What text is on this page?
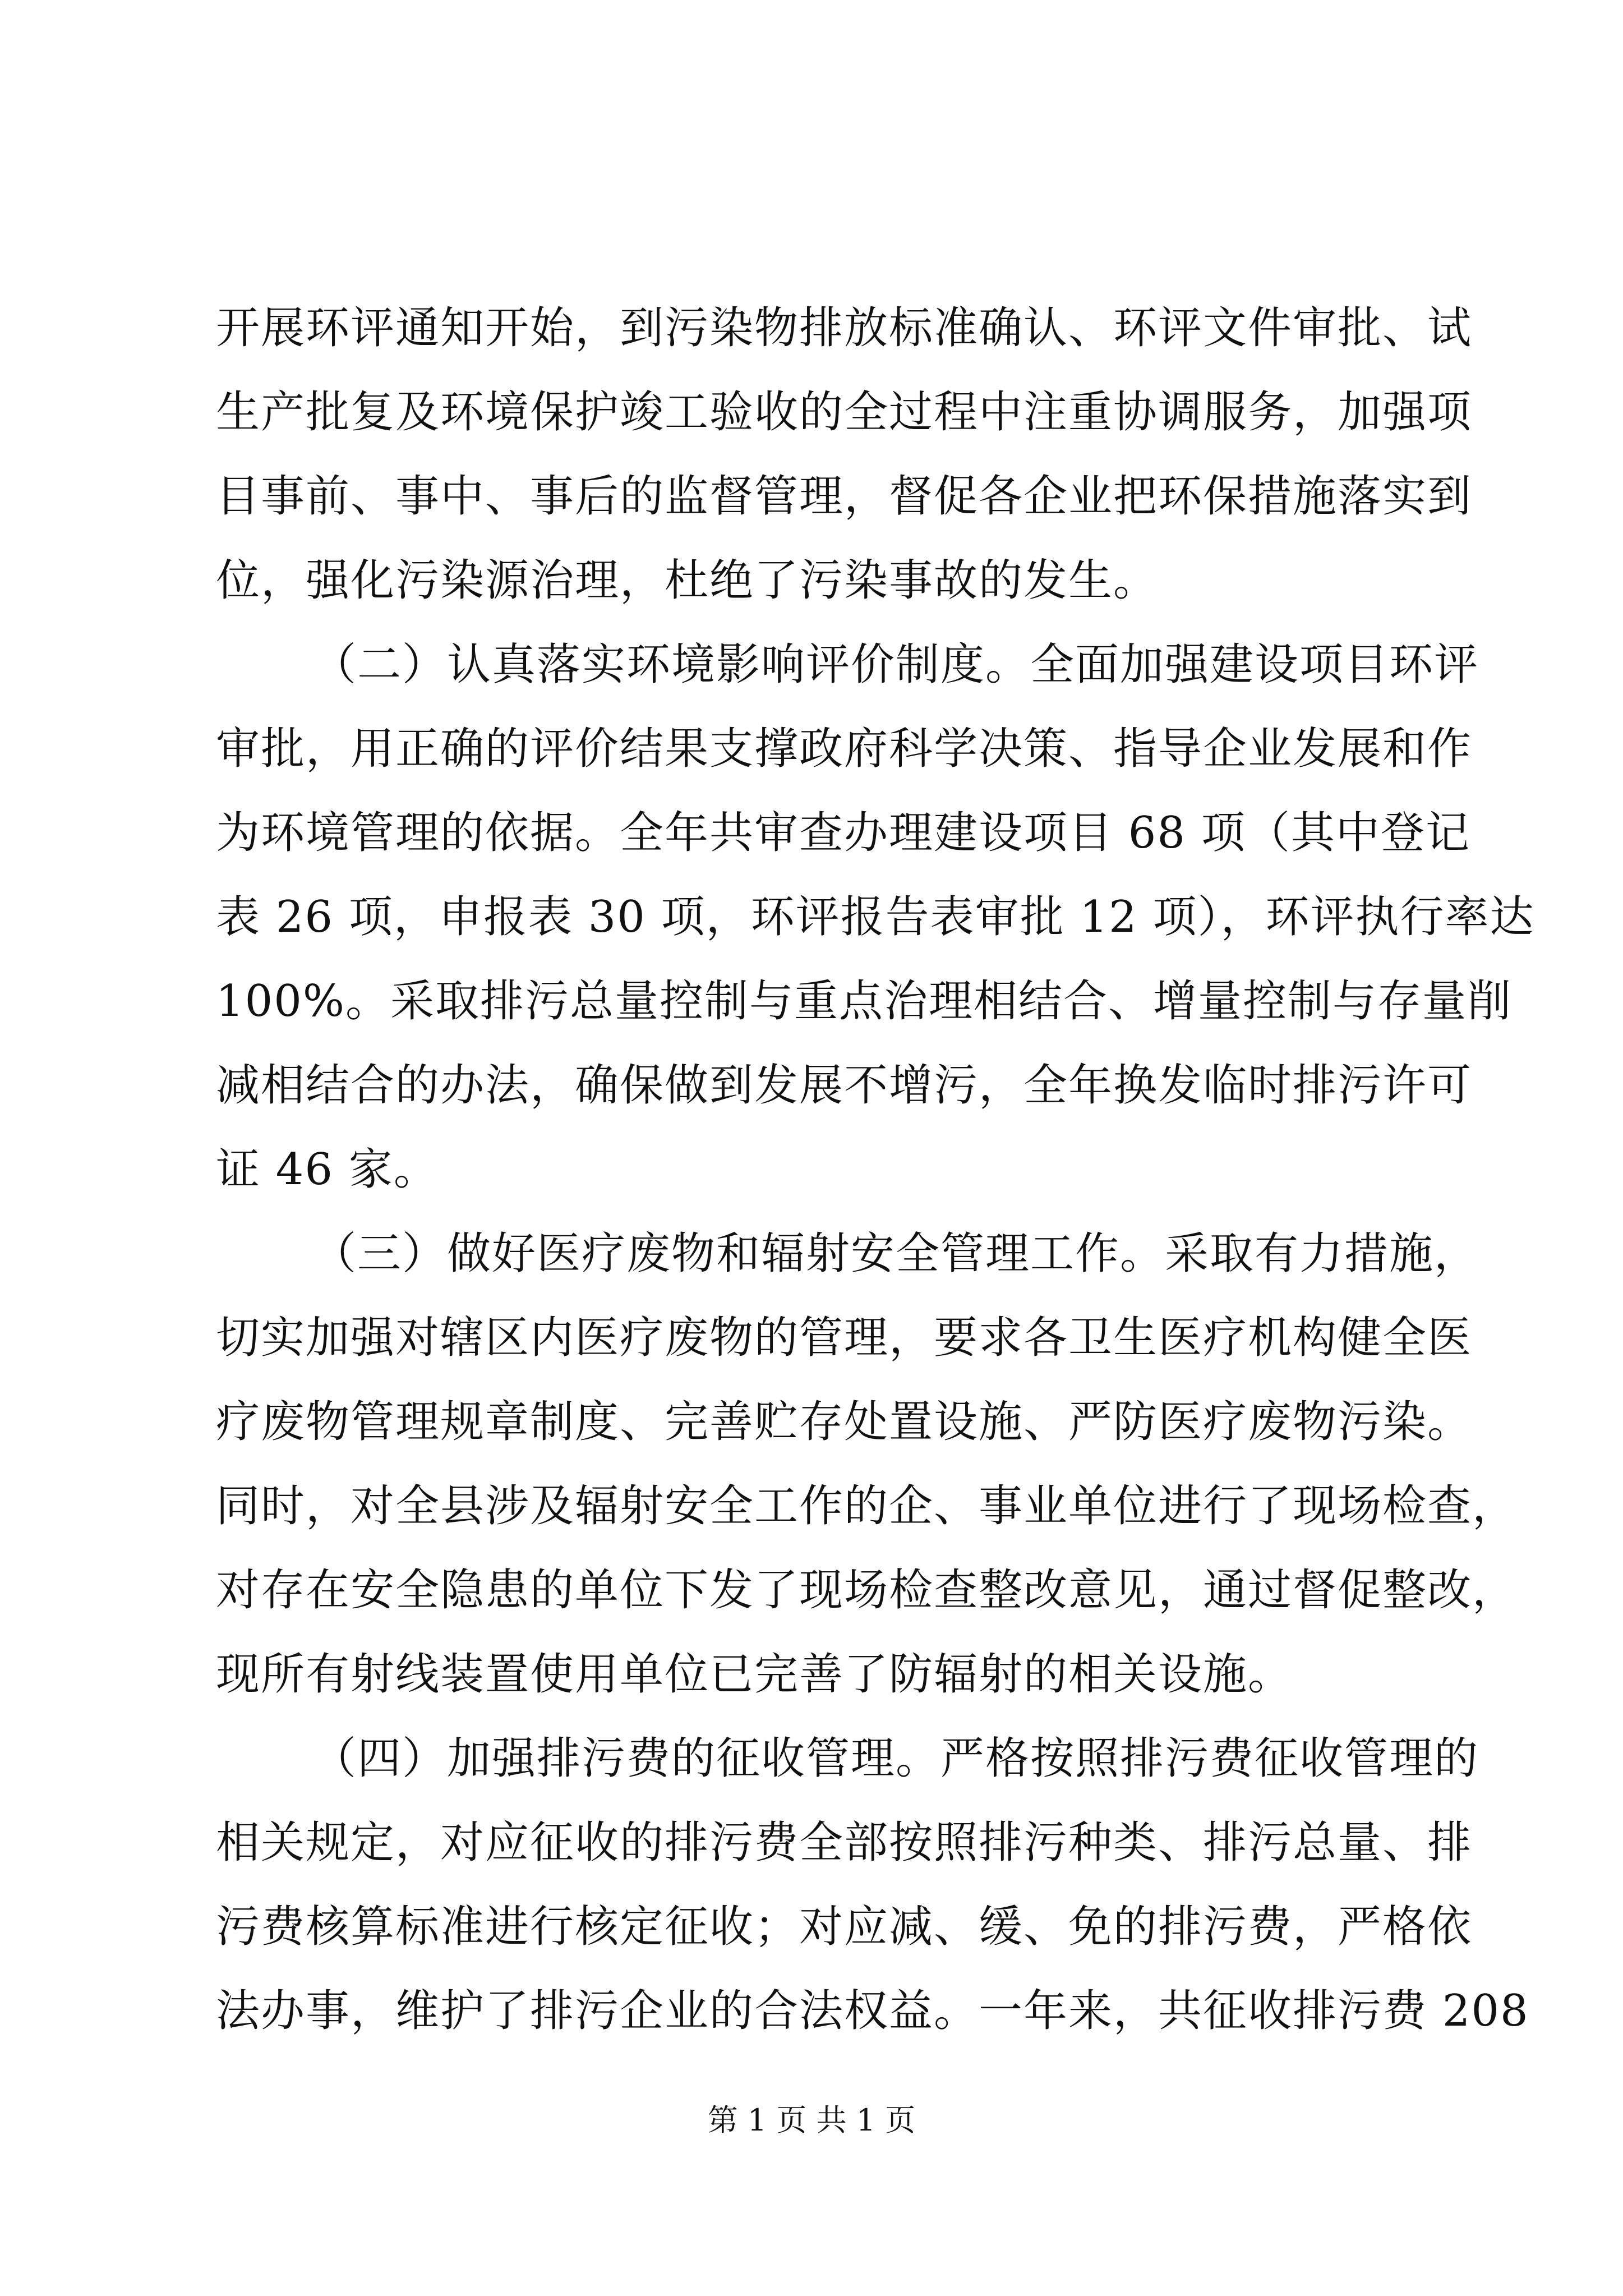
开展环评通知开始，到污染物排放标准确认、环评文件审批、试
生产批复及环境保护竣工验收的全过程中注重协调服务，加强项
目事前、事中、事后的监督管理，督促各企业把环保措施落实到
位，强化污染源治理，杜绝了污染事故的发生。
（二）认真落实环境影响评价制度。全面加强建设项目环评
审批，用正确的评价结果支撑政府科学决策、指导企业发展和作
为环境管理的依据。全年共审查办理建设项目 68 项（其中登记
表 26 项，申报表 30 项，环评报告表审批 12 项），环评执行率达
100%。采取排污总量控制与重点治理相结合、增量控制与存量削
减相结合的办法，确保做到发展不增污，全年换发临时排污许可
证 46 家。
（三）做好医疗废物和辐射安全管理工作。采取有力措施，
切实加强对辖区内医疗废物的管理，要求各卫生医疗机构健全医
疗废物管理规章制度、完善贮存处置设施、严防医疗废物污染。
同时，对全县涉及辐射安全工作的企、事业单位进行了现场检查，
对存在安全隐患的单位下发了现场检查整改意见，通过督促整改，
现所有射线装置使用单位已完善了防辐射的相关设施。
（四）加强排污费的征收管理。严格按照排污费征收管理的
相关规定，对应征收的排污费全部按照排污种类、排污总量、排
污费核算标准进行核定征收；对应减、缓、免的排污费，严格依
法办事，维护了排污企业的合法权益。一年来，共征收排污费 208
第 1 页 共 1 页
